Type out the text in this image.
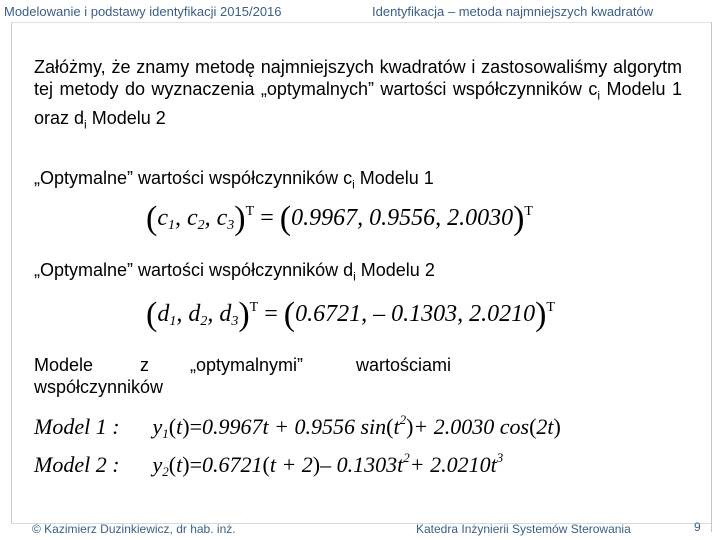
Modelowanie i podstawy identyfikacji 2015/2016	Identyfikacja – metoda najmniejszych kwadratów
Załóżmy, że znamy metodę najmniejszych kwadratów i zastosowaliśmy algorytm tej metody do wyznaczenia „optymalnych” wartości współczynników $c_i$ Modelu 1 oraz $d_i$ Modelu 2
„Optymalne” wartości współczynników $c_i$ Modelu 1
($c_1$, $c_2$, $c_3)^T = (0.9967$, 0.9556, 2.0030)$^T$
„Optymalne” wartości współczynników $d_i$ Modelu 2
($d_1$, $d_2$, $d_3)^T = (0.6721$, – 0.1303, 2.0210)$^T$
Modele	z „optymalnymi”	wartościami
współczynników
Model 1 : y1(t)=0.9967t + 0.9556 $\sin(t^2)+ 2.0030$ cos(2t)
Model 2 : y2(t)=0.6721(t + 2)– $0.1303t^2+ 2.0210t^3$
© Kazimierz Duzinkiewicz, dr hab. inż.	Katedra Inżynierii Systemów Sterowania	9
